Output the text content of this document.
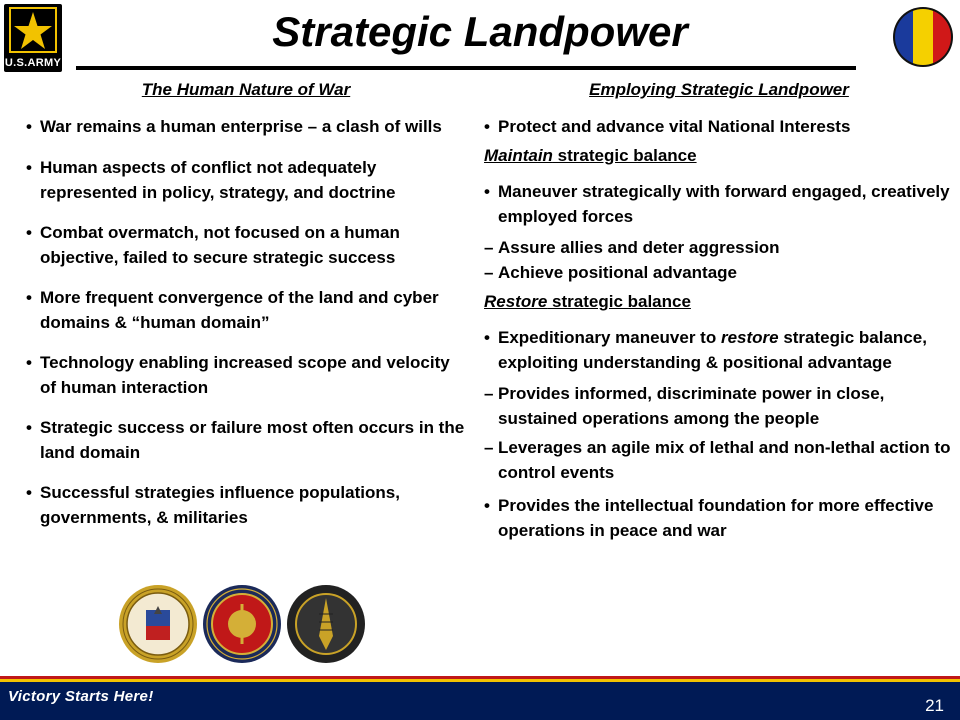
U.S.ARMY
Strategic Landpower
The Human Nature of War
• War remains a human enterprise – a clash of wills
• Human aspects of conflict not adequately represented in policy, strategy, and doctrine
• Combat overmatch, not focused on a human objective, failed to secure strategic success
• More frequent convergence of the land and cyber domains & “human domain”
• Technology enabling increased scope and velocity of human interaction
• Strategic success or failure most often occurs in the land domain
• Successful strategies influence populations, governments, & militaries
Employing Strategic Landpower
• Protect and advance vital National Interests
Maintain strategic balance
• Maneuver strategically with forward engaged, creatively employed forces
– Assure allies and deter aggression
– Achieve positional advantage
Restore strategic balance
• Expeditionary maneuver to restore strategic balance, exploiting understanding & positional advantage
– Provides informed, discriminate power in close, sustained operations among the people
– Leverages an agile mix of lethal and non-lethal action to control events
• Provides the intellectual foundation for more effective operations in peace and war
Victory Starts Here!	21
